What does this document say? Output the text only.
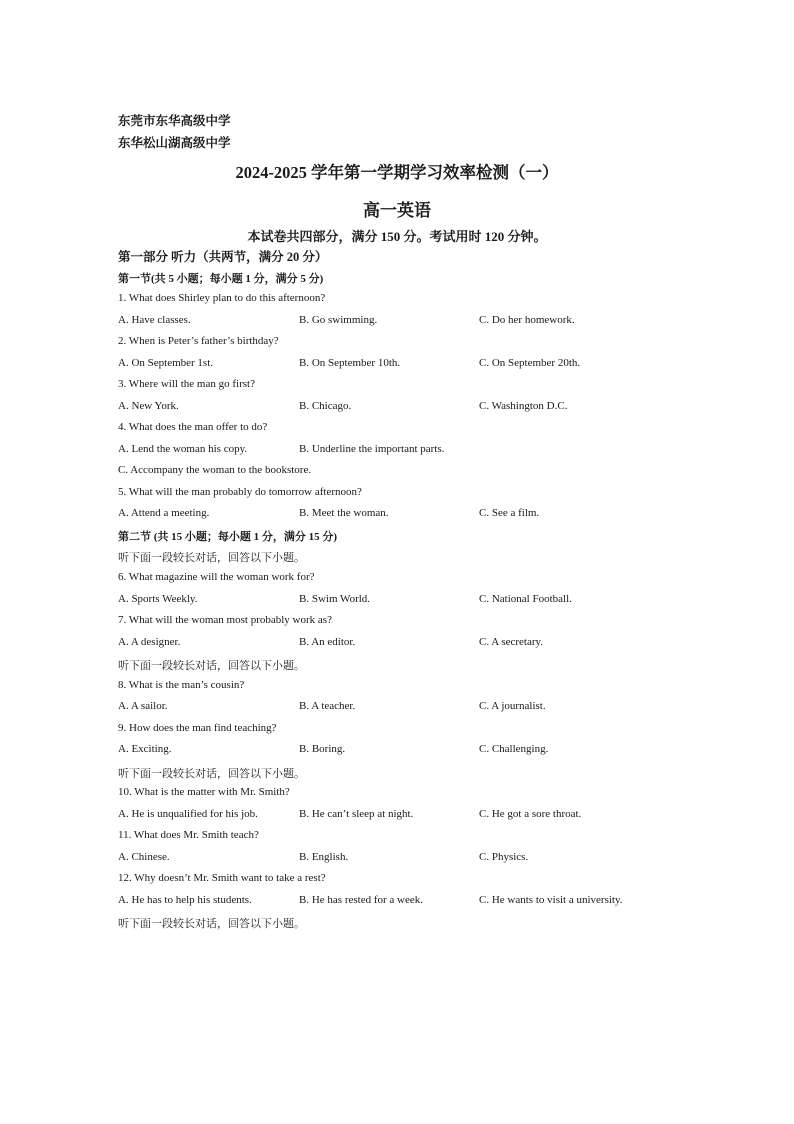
东莞市东华高级中学
东华松山湖高级中学
2024-2025 学年第一学期学习效率检测（一）
高一英语
本试卷共四部分，满分 150 分。考试用时 120 分钟。
第一部分 听力（共两节，满分 20 分）
第一节(共 5 小题；每小题 1 分，满分 5 分)
1. What does Shirley plan to do this afternoon?
A. Have classes.	B. Go swimming.	C. Do her homework.
2. When is Peter’s father’s birthday?
A. On September 1st.	B. On September 10th.	C. On September 20th.
3. Where will the man go first?
A. New York.	B. Chicago.	C. Washington D.C.
4. What does the man offer to do?
A. Lend the woman his copy.	B. Underline the important parts.
C. Accompany the woman to the bookstore.
5. What will the man probably do tomorrow afternoon?
A. Attend a meeting.	B. Meet the woman.	C. See a film.
第二节 (共 15 小题；每小题 1 分，满分 15 分)
听下面一段较长对话，回答以下小题。
6. What magazine will the woman work for?
A. Sports Weekly.	B. Swim World.	C. National Football.
7. What will the woman most probably work as?
A. A designer.	B. An editor.	C. A secretary.
听下面一段较长对话，回答以下小题。
8. What is the man’s cousin?
A. A sailor.	B. A teacher.	C. A journalist.
9. How does the man find teaching?
A. Exciting.	B. Boring.	C. Challenging.
听下面一段较长对话，回答以下小题。
10. What is the matter with Mr. Smith?
A. He is unqualified for his job.	B. He can’t sleep at night.	C. He got a sore throat.
11. What does Mr. Smith teach?
A. Chinese.	B. English.	C. Physics.
12. Why doesn’t Mr. Smith want to take a rest?
A. He has to help his students.	B. He has rested for a week.	C. He wants to visit a university.
听下面一段较长对话，回答以下小题。
